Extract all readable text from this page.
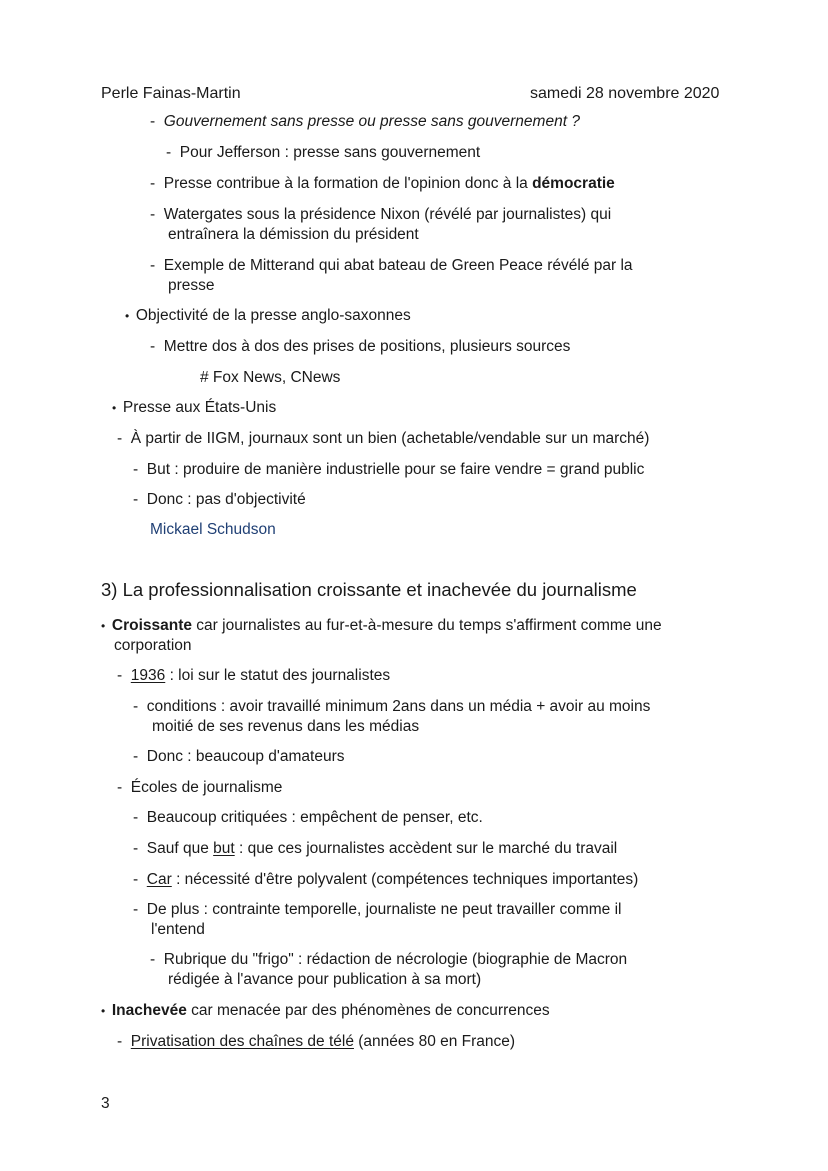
Perle Fainas-Martin	samedi 28 novembre 2020
-  Gouvernement sans presse ou presse sans gouvernement ?
-  Pour Jefferson : presse sans gouvernement
-  Presse contribue à la formation de l'opinion donc à la démocratie
-  Watergates sous la présidence Nixon (révélé par journalistes) qui
entraînera la démission du président
-  Exemple de Mitterand qui abat bateau de Green Peace révélé par la
presse
•  Objectivité de la presse anglo-saxonnes
-  Mettre dos à dos des prises de positions, plusieurs sources
# Fox News, CNews
•  Presse aux États-Unis
-  À partir de IIGM, journaux sont un bien (achetable/vendable sur un marché)
-  But : produire de manière industrielle pour se faire vendre = grand public
-  Donc : pas d'objectivité
Mickael Schudson
3) La professionnalisation croissante et inachevée du journalisme
•  Croissante car journalistes au fur-et-à-mesure du temps s'affirment comme une
corporation
-  1936 : loi sur le statut des journalistes
-  conditions : avoir travaillé minimum 2ans dans un média + avoir au moins
moitié de ses revenus dans les médias
-  Donc : beaucoup d'amateurs
-  Écoles de journalisme
-  Beaucoup critiquées : empêchent de penser, etc.
-  Sauf que but : que ces journalistes accèdent sur le marché du travail
-  Car : nécessité d'être polyvalent (compétences techniques importantes)
-  De plus : contrainte temporelle, journaliste ne peut travailler comme il
l'entend
-  Rubrique du "frigo" : rédaction de nécrologie (biographie de Macron
rédigée à l'avance pour publication à sa mort)
•  Inachevée car menacée par des phénomènes de concurrences
-  Privatisation des chaînes de télé (années 80 en France)
3
